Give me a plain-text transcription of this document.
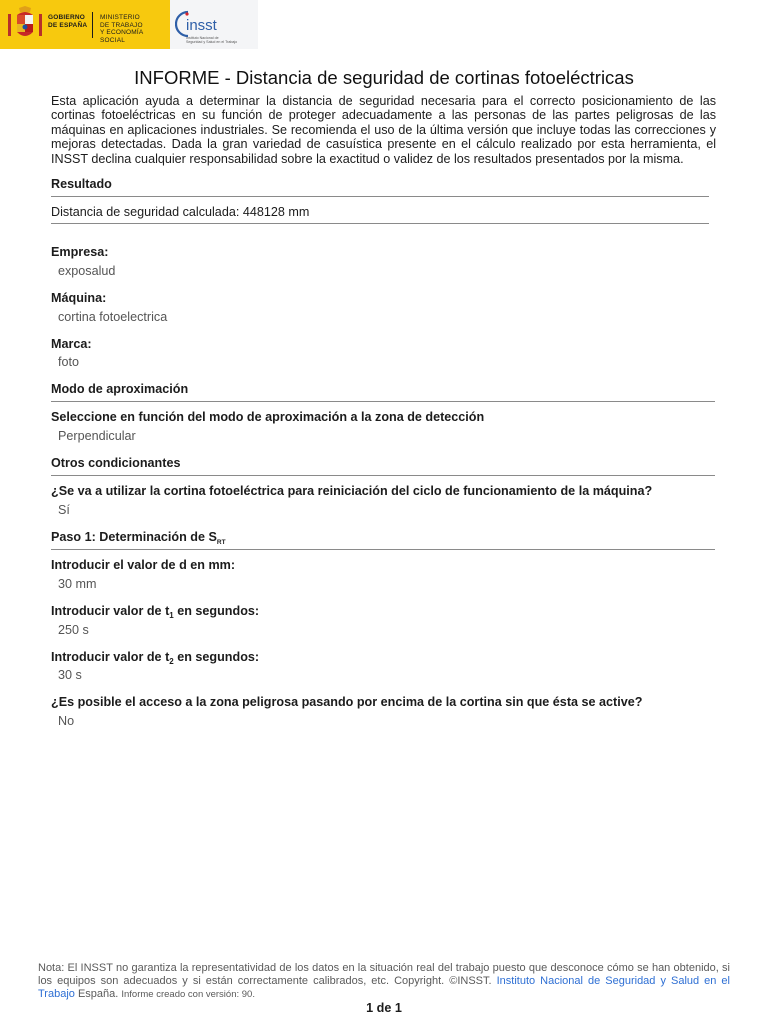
GOBIERNO
DE ESPAÑA
MINISTERIO
DE TRABAJO
Y ECONOMÍA SOCIAL
insst
Instituto Nacional de
Seguridad y Salud en el Trabajo
INFORME - Distancia de seguridad de cortinas fotoeléctricas

Esta aplicación ayuda a determinar la distancia de seguridad necesaria para el correcto posicionamiento de las cortinas fotoeléctricas en su función de proteger adecuadamente a las personas de las partes peligrosas de las máquinas en aplicaciones industriales. Se recomienda el uso de la última versión que incluye todas las correcciones y mejoras detectadas. Dada la gran variedad de casuística presente en el cálculo realizado por esta herramienta, el INSST declina cualquier responsabilidad sobre la exactitud o validez de los resultados presentados por la misma.

Resultado
Distancia de seguridad calculada: 448128 mm
Empresa:
exposalud
Máquina:
cortina fotoelectrica
Marca:
foto
Modo de aproximación
Seleccione en función del modo de aproximación a la zona de detección
Perpendicular
Otros condicionantes
¿Se va a utilizar la cortina fotoeléctrica para reiniciación del ciclo de funcionamiento de la máquina?
Sí
Paso 1: Determinación de $S_{RT}$
Introducir el valor de d en mm:
30 mm
Introducir valor de $t_1$ en segundos:
250 s
Introducir valor de $t_2$ en segundos:
30 s
¿Es posible el acceso a la zona peligrosa pasando por encima de la cortina sin que ésta se active?
No

Nota: El INSST no garantiza la representatividad de los datos en la situación real del trabajo puesto que desconoce cómo se han obtenido, si los equipos son adecuados y si están correctamente calibrados, etc. Copyright. ©INSST. Instituto Nacional de Seguridad y Salud en el Trabajo España. Informe creado con versión: 90.

1 de 1
